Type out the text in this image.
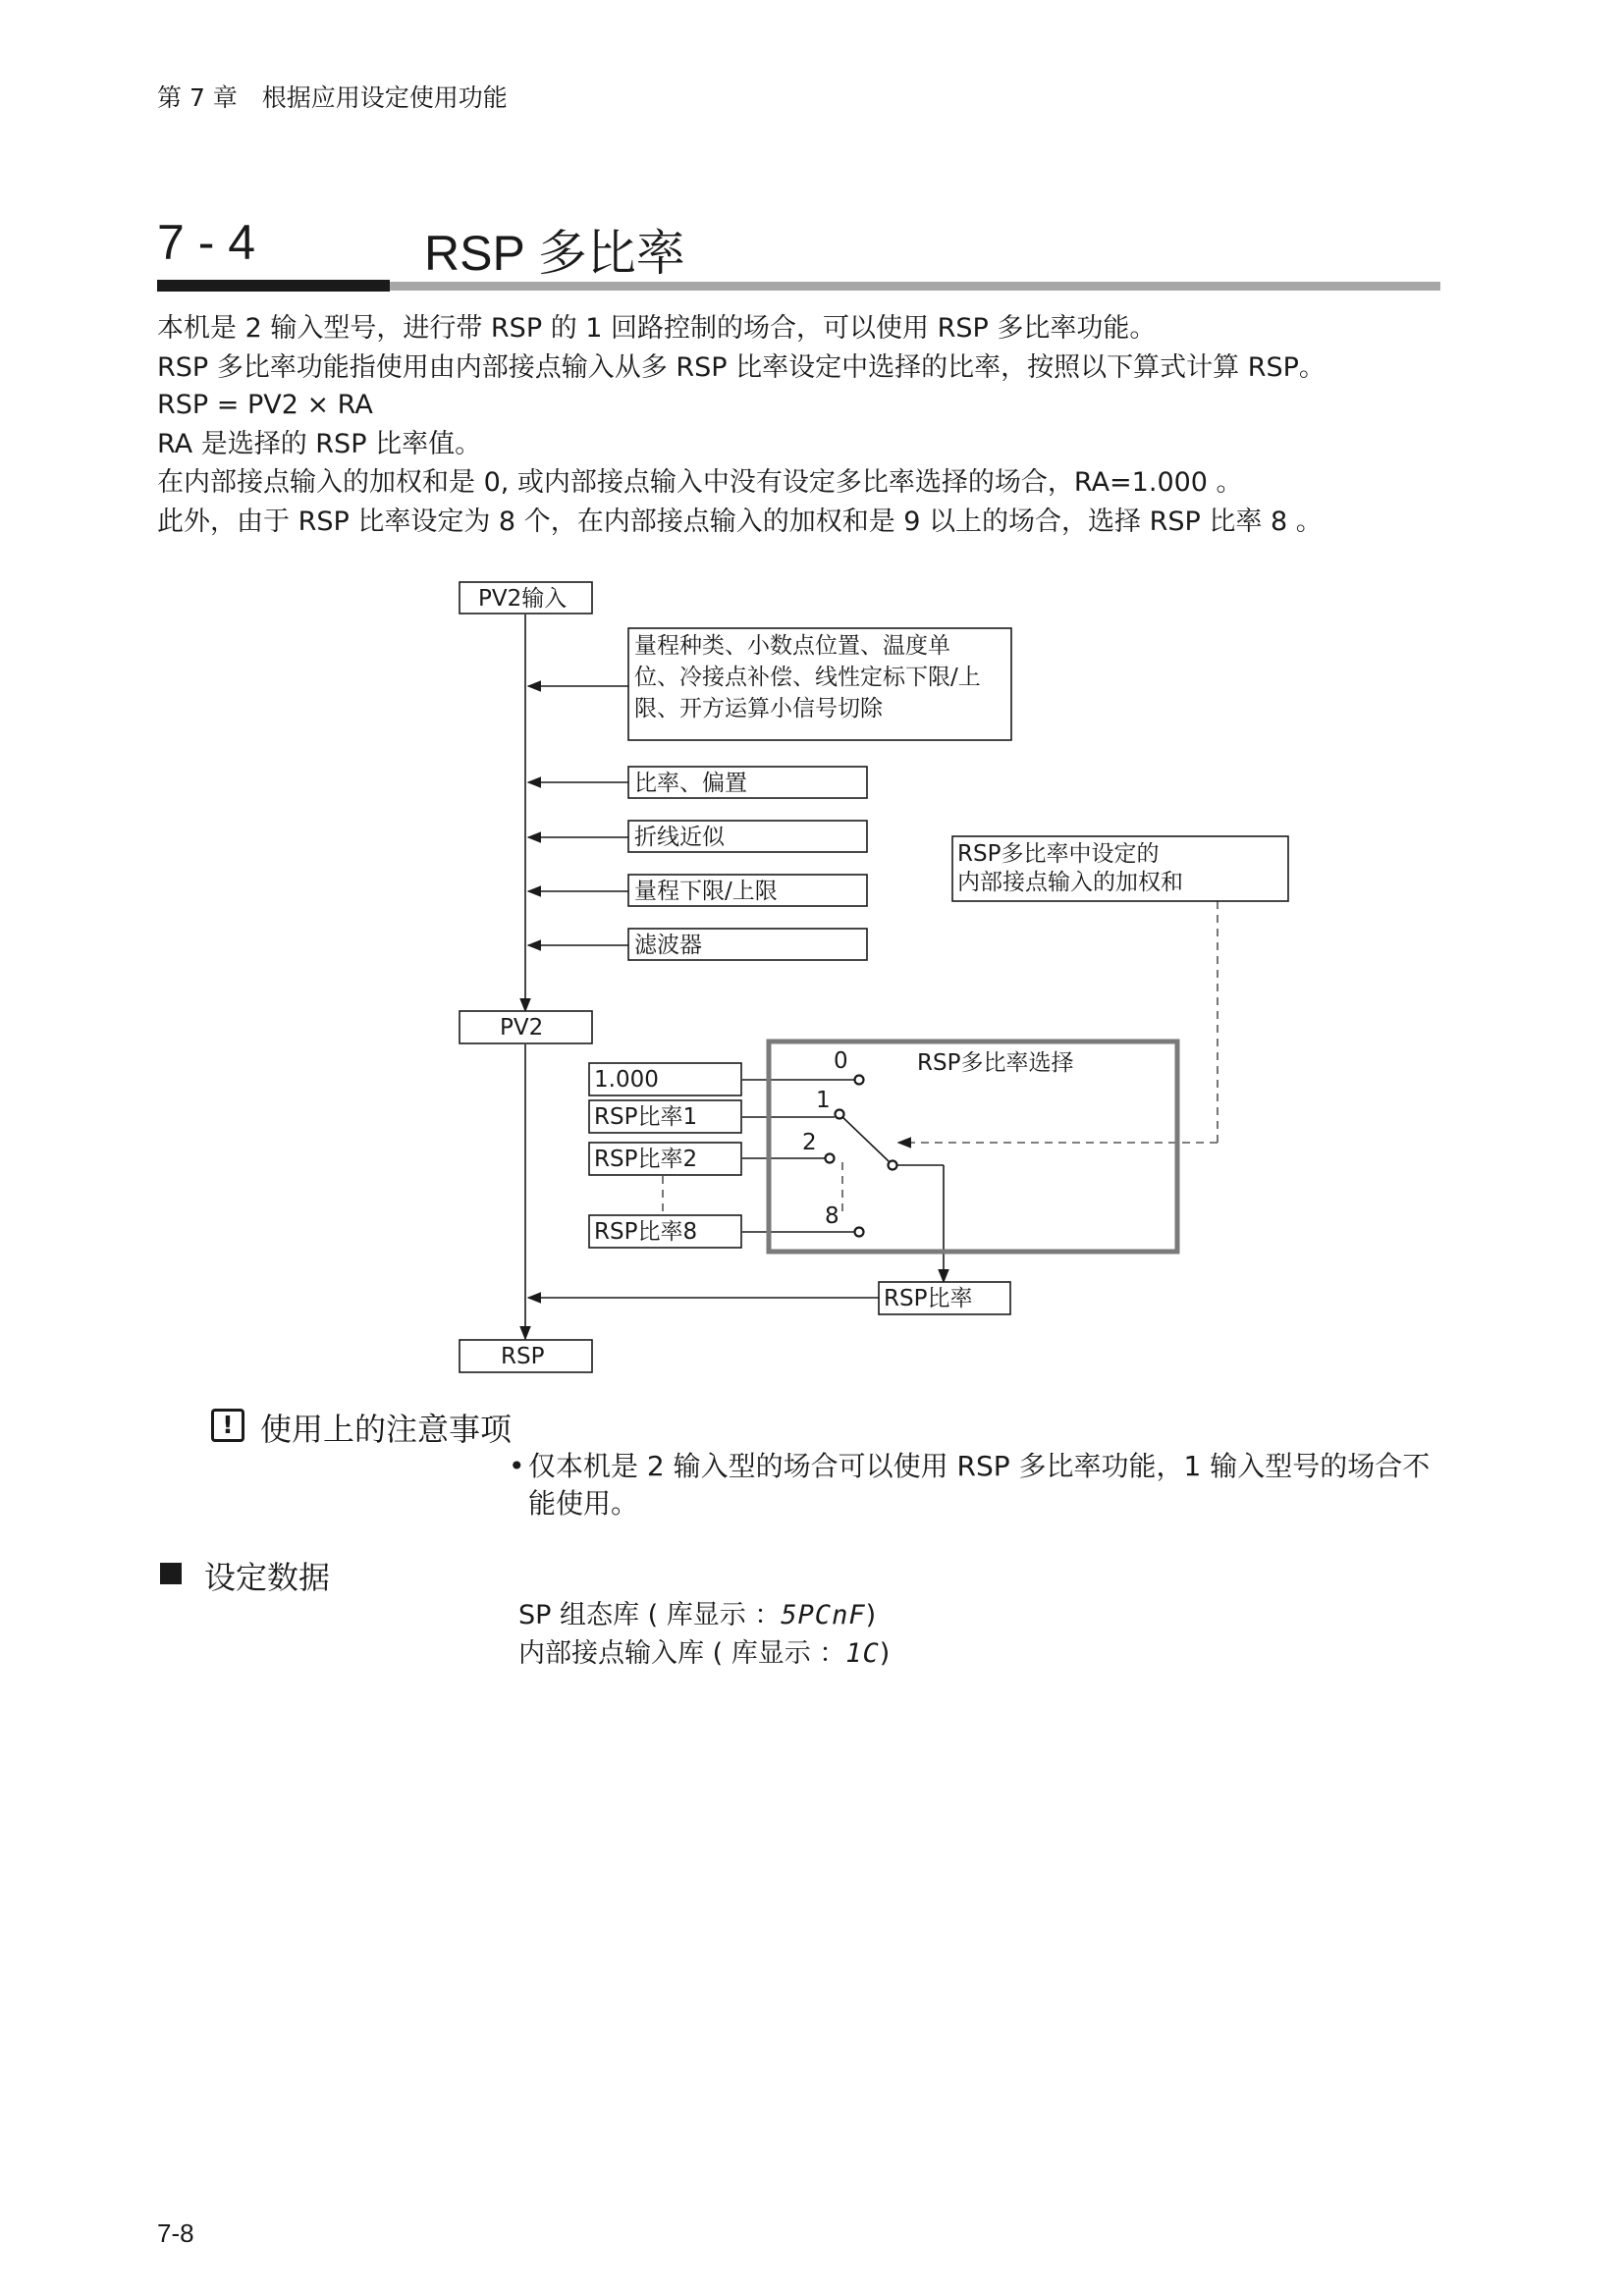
第 7 章　根据应用设定使用功能
7 - 4	RSP 多比率
本机是 2 输入型号，进行带 RSP 的 1 回路控制的场合，可以使用 RSP 多比率功能。
RSP 多比率功能指使用由内部接点输入从多 RSP 比率设定中选择的比率，按照以下算式计算 RSP。
RSP = PV2 × RA
RA 是选择的 RSP 比率值。
在内部接点输入的加权和是 0, 或内部接点输入中没有设定多比率选择的场合，RA=1.000 。
此外，由于 RSP 比率设定为 8 个，在内部接点输入的加权和是 9 以上的场合，选择 RSP 比率 8 。
PV2输入
量程种类、小数点位置、温度单
位、冷接点补偿、线性定标下限/上
限、开方运算小信号切除
比率、偏置
折线近似
量程下限/上限
滤波器
RSP多比率中设定的
内部接点输入的加权和
PV2
RSP多比率选择
1.000
RSP比率1
RSP比率2
RSP比率8
0
1
2
8
RSP比率
RSP
! 使用上的注意事项
• 仅本机是 2 输入型的场合可以使用 RSP 多比率功能，1 输入型号的场合不能使用。
设定数据
SP 组态库 ( 库显示 ：5PCnF)
内部接点输入库 ( 库显示 ：1C)
7-8
